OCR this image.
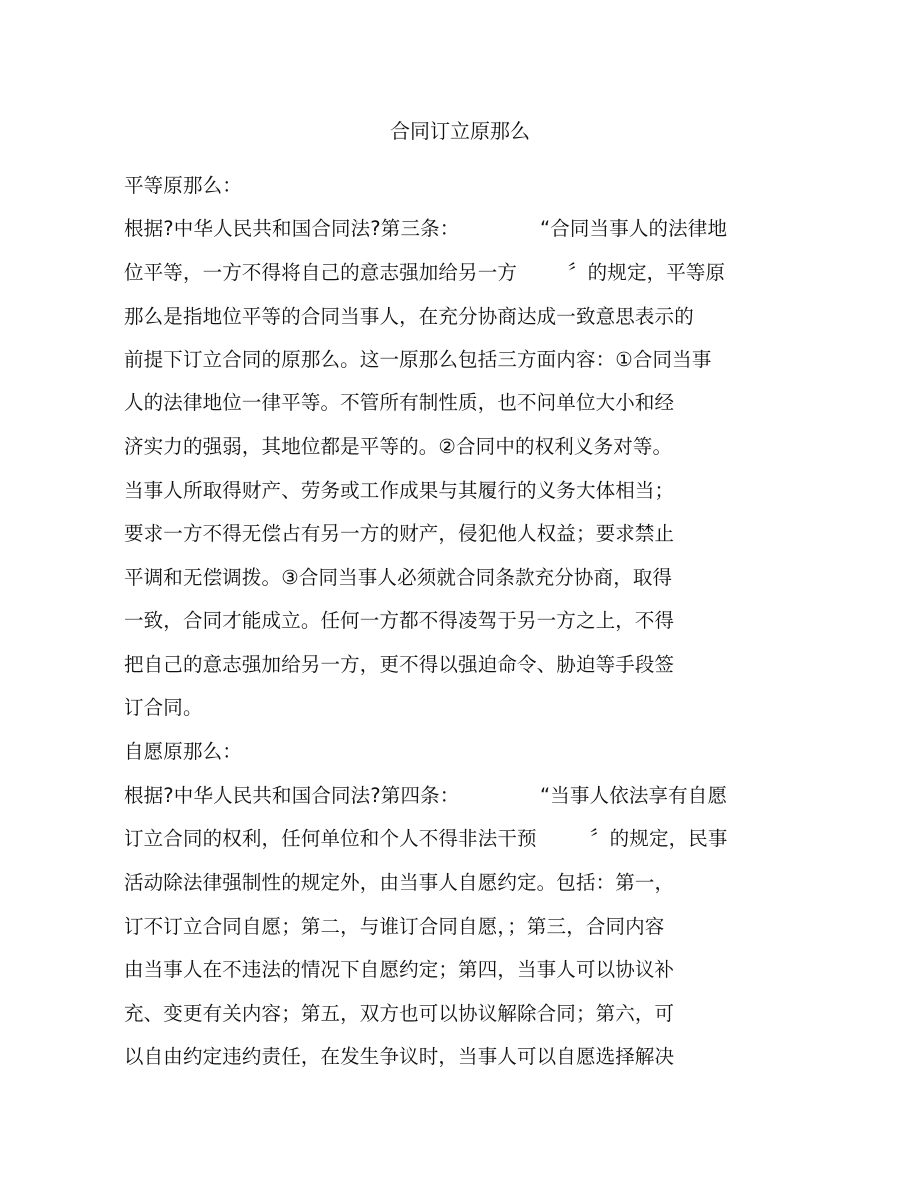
合同订立原那么
平等原那么：

根据?中华人民共和国合同法?第三条：

	“合同当事人的法律地

位平等，一方不得将自己的意志强加给另一方

	〞的规定，平等原

那么是指地位平等的合同当事人，在充分协商达成一致意思表示的
前提下订立合同的原那么。这一原那么包括三方面内容：①合同当事
人的法律地位一律平等。不管所有制性质，也不问单位大小和经
济实力的强弱，其地位都是平等的。②合同中的权利义务对等。
当事人所取得财产、劳务或工作成果与其履行的义务大体相当；
要求一方不得无偿占有另一方的财产，侵犯他人权益；要求禁止
平调和无偿调拨。③合同当事人必须就合同条款充分协商，取得
一致，合同才能成立。任何一方都不得凌驾于另一方之上，不得
把自己的意志强加给另一方，更不得以强迫命令、胁迫等手段签
订合同。
自愿原那么：

根据?中华人民共和国合同法?第四条：

	“当事人依法享有自愿

订立合同的权利，任何单位和个人不得非法干预

	〞的规定，民事

活动除法律强制性的规定外，由当事人自愿约定。包括：第一，
订不订立合同自愿；第二，与谁订合同自愿，；第三，合同内容
由当事人在不违法的情况下自愿约定；第四，当事人可以协议补
充、变更有关内容；第五，双方也可以协议解除合同；第六，可
以自由约定违约责任，在发生争议时，当事人可以自愿选择解决
